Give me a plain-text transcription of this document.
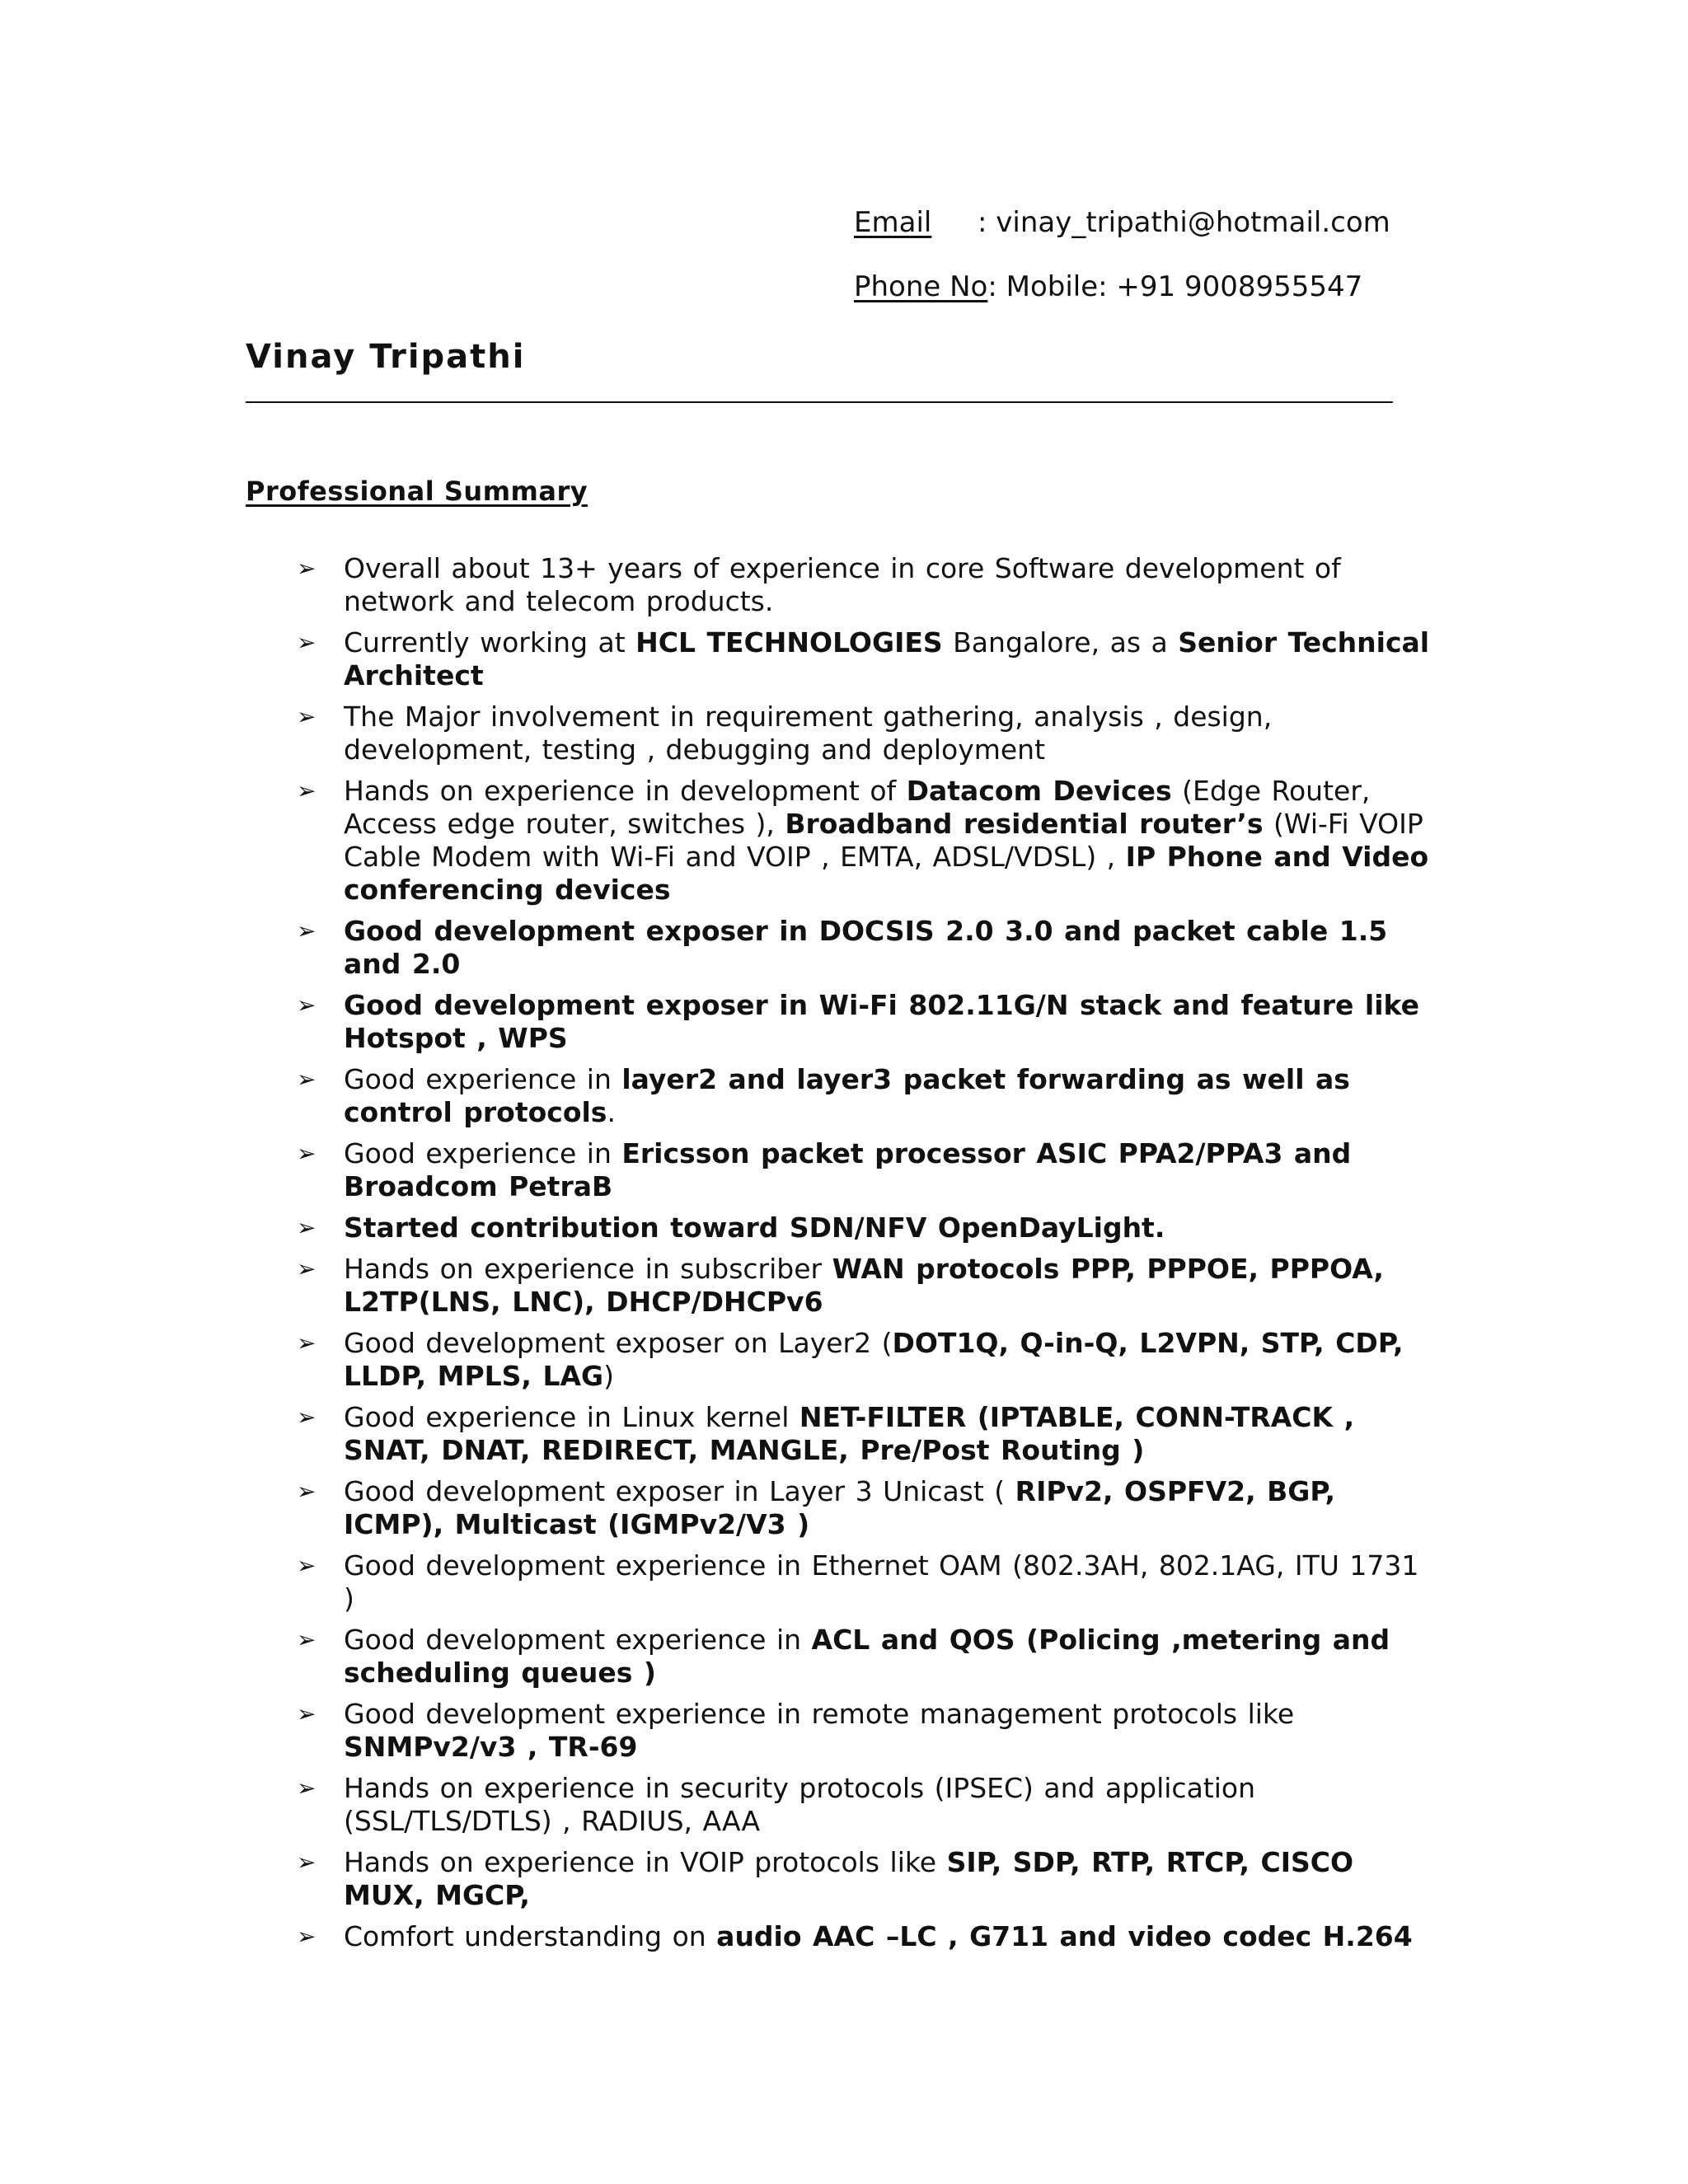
Email : vinay_tripathi@hotmail.com
Phone No: Mobile: +91 9008955547
Vinay Tripathi
Professional Summary
➢ Overall about 13+ years of experience in core Software development of network and telecom products.
➢ Currently working at HCL TECHNOLOGIES Bangalore, as a Senior Technical Architect
➢ The Major involvement in requirement gathering, analysis , design, development, testing , debugging and deployment
➢ Hands on experience in development of Datacom Devices (Edge Router, Access edge router, switches ), Broadband residential router’s (Wi-Fi VOIP Cable Modem with Wi-Fi and VOIP , EMTA, ADSL/VDSL) , IP Phone and Video conferencing devices
➢ Good development exposer in DOCSIS 2.0 3.0 and packet cable 1.5 and 2.0
➢ Good development exposer in Wi-Fi 802.11G/N stack and feature like Hotspot , WPS
➢ Good experience in layer2 and layer3 packet forwarding as well as control protocols.
➢ Good experience in Ericsson packet processor ASIC PPA2/PPA3 and Broadcom PetraB
➢ Started contribution toward SDN/NFV OpenDayLight.
➢ Hands on experience in subscriber WAN protocols PPP, PPPOE, PPPOA, L2TP(LNS, LNC), DHCP/DHCPv6
➢ Good development exposer on Layer2 (DOT1Q, Q-in-Q, L2VPN, STP, CDP, LLDP, MPLS, LAG)
➢ Good experience in Linux kernel NET-FILTER (IPTABLE, CONN-TRACK , SNAT, DNAT, REDIRECT, MANGLE, Pre/Post Routing )
➢ Good development exposer in Layer 3 Unicast ( RIPv2, OSPFV2, BGP, ICMP), Multicast (IGMPv2/V3 )
➢ Good development experience in Ethernet OAM (802.3AH, 802.1AG, ITU 1731 )
➢ Good development experience in ACL and QOS (Policing ,metering and scheduling queues )
➢ Good development experience in remote management protocols like SNMPv2/v3 , TR-69
➢ Hands on experience in security protocols (IPSEC) and application (SSL/TLS/DTLS) , RADIUS, AAA
➢ Hands on experience in VOIP protocols like SIP, SDP, RTP, RTCP, CISCO MUX, MGCP,
➢ Comfort understanding on audio AAC –LC , G711 and video codec H.264
